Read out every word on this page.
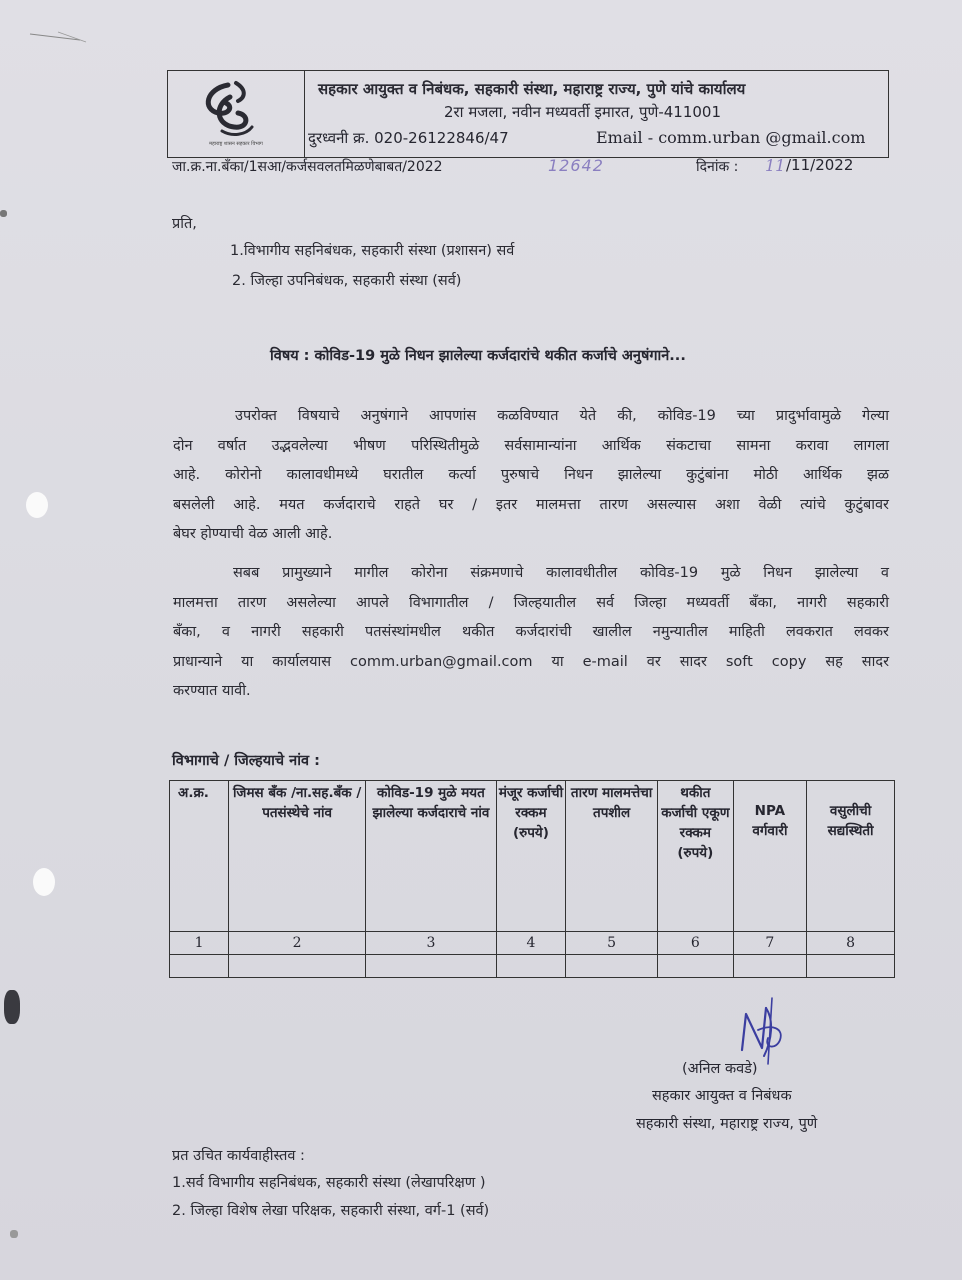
महाराष्ट्र शासन सहकार विभाग
सहकार आयुक्त व निबंधक, सहकारी संस्था, महाराष्ट्र राज्य, पुणे यांचे कार्यालय
2रा मजला, नवीन मध्यवर्ती इमारत, पुणे-411001
दुरध्वनी क्र. 020-26122846/47	Email - comm.urban @gmail.com
जा.क्र.ना.बँका/1सआ/कर्जसवलतमिळणेबाबत/2022	12642	दिनांक : 11 /11/2022
प्रति,
1.विभागीय सहनिबंधक, सहकारी संस्था (प्रशासन) सर्व
2. जिल्हा उपनिबंधक, सहकारी संस्था (सर्व)
विषय : कोविड-19 मुळे निधन झालेल्या कर्जदारांचे थकीत कर्जाचे अनुषंगाने...
उपरोक्त विषयाचे अनुषंगाने आपणांस कळविण्यात येते की, कोविड-19 च्या प्रादुर्भावामुळे गेल्या
दोन वर्षात उद्भवलेल्या भीषण परिस्थितीमुळे सर्वसामान्यांना आर्थिक संकटाचा सामना करावा लागला
आहे. कोरोनो कालावधीमध्ये घरातील कर्त्या पुरुषाचे निधन झालेल्या कुटुंबांना मोठी आर्थिक झळ
बसलेली आहे. मयत कर्जदाराचे राहते घर / इतर मालमत्ता तारण असल्यास अशा वेळी त्यांचे कुटुंबावर
बेघर होण्याची वेळ आली आहे.
सबब प्रामुख्याने मागील कोरोना संक्रमणाचे कालावधीतील कोविड-19 मुळे निधन झालेल्या व
मालमत्ता तारण असलेल्या आपले विभागातील / जिल्हयातील सर्व जिल्हा मध्यवर्ती बँका, नागरी सहकारी
बँका, व नागरी सहकारी पतसंस्थांमधील थकीत कर्जदारांची खालील नमुन्यातील माहिती लवकरात लवकर
प्राधान्याने या कार्यालयास comm.urban@gmail.com या e-mail वर सादर soft copy सह सादर
करण्यात यावी.
विभागाचे / जिल्हयाचे नांव :
अ.क्र.	जिमस बँक /ना.सह.बँक /पतसंस्थेचे नांव	कोविड-19 मुळे मयत झालेल्या कर्जदाराचे नांव	मंजूर कर्जाची रक्कम (रुपये)	तारण मालमत्तेचा तपशील	थकीत कर्जाची एकूण रक्कम (रुपये)	NPA वर्गवारी	वसुलीची सद्यस्थिती
1	2	3	4	5	6	7	8

(अनिल कवडे)
सहकार आयुक्त व निबंधक
सहकारी संस्था, महाराष्ट्र राज्य, पुणे
प्रत उचित कार्यवाहीस्तव :
1.सर्व विभागीय सहनिबंधक, सहकारी संस्था (लेखापरिक्षण )
2. जिल्हा विशेष लेखा परिक्षक, सहकारी संस्था, वर्ग-1 (सर्व)
